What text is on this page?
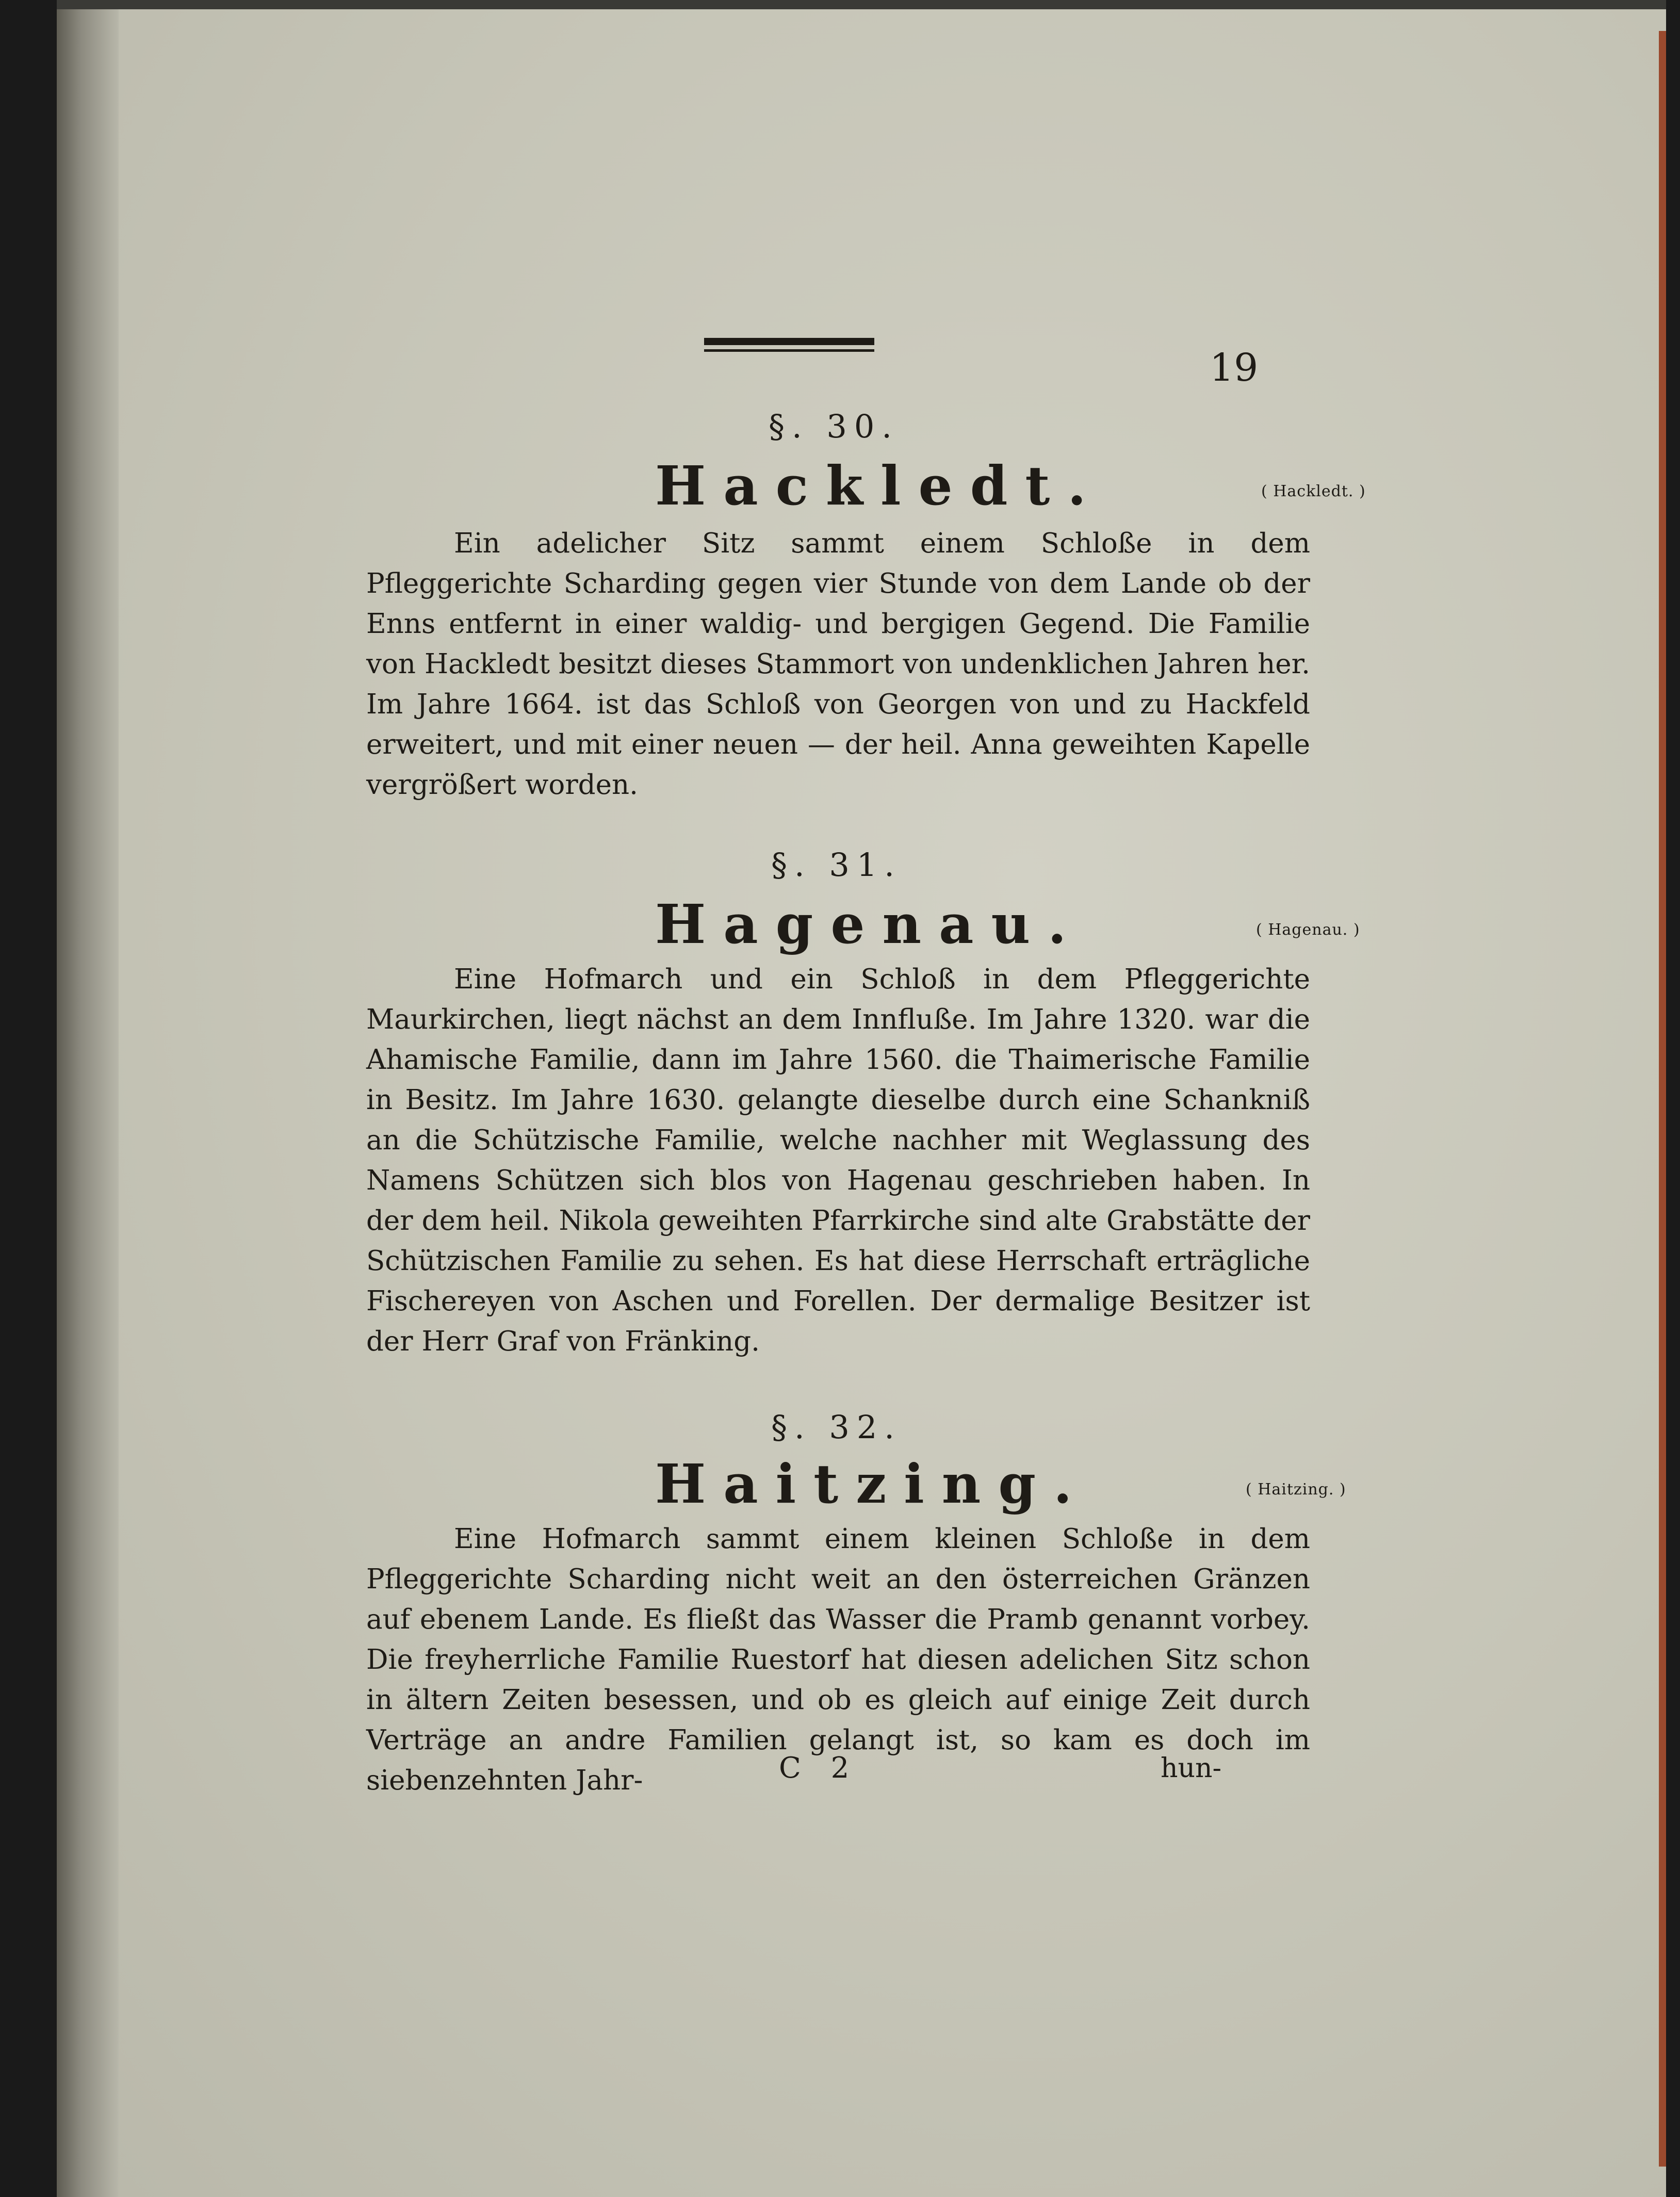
19
§. 30.
Hackledt.	( Hackledt. )
Ein adelicher Sitz sammt einem Schloße in dem Pfleggerichte Scharding gegen vier Stunde von dem Lande ob der Enns entfernt in einer waldig- und bergigen Gegend. Die Familie von Hackledt besitzt dieses Stammort von undenklichen Jahren her. Im Jahre 1664. ist das Schloß von Georgen von und zu Hackfeld erweitert, und mit einer neuen — der heil. Anna geweihten Kapelle vergrößert worden.
§. 31.
Hagenau.	( Hagenau. )
Eine Hofmarch und ein Schloß in dem Pfleggerichte Maurkirchen, liegt nächst an dem Innfluße. Im Jahre 1320. war die Ahamische Familie, dann im Jahre 1560. die Thaimerische Familie in Besitz. Im Jahre 1630. gelangte dieselbe durch eine Schankniß an die Schützische Familie, welche nachher mit Weglassung des Namens Schützen sich blos von Hagenau geschrieben haben. In der dem heil. Nikola geweihten Pfarrkirche sind alte Grabstätte der Schützischen Familie zu sehen. Es hat diese Herrschaft erträgliche Fischereyen von Aschen und Forellen. Der dermalige Besitzer ist der Herr Graf von Fränking.
§. 32.
Haitzing.	( Haitzing. )
Eine Hofmarch sammt einem kleinen Schloße in dem Pfleggerichte Scharding nicht weit an den österreichen Gränzen auf ebenem Lande. Es fließt das Wasser die Pramb genannt vorbey. Die freyherrliche Familie Ruestorf hat diesen adelichen Sitz schon in ältern Zeiten besessen, und ob es gleich auf einige Zeit durch Verträge an andre Familien gelangt ist, so kam es doch im siebenzehnten Jahr-	C 2	hun-
